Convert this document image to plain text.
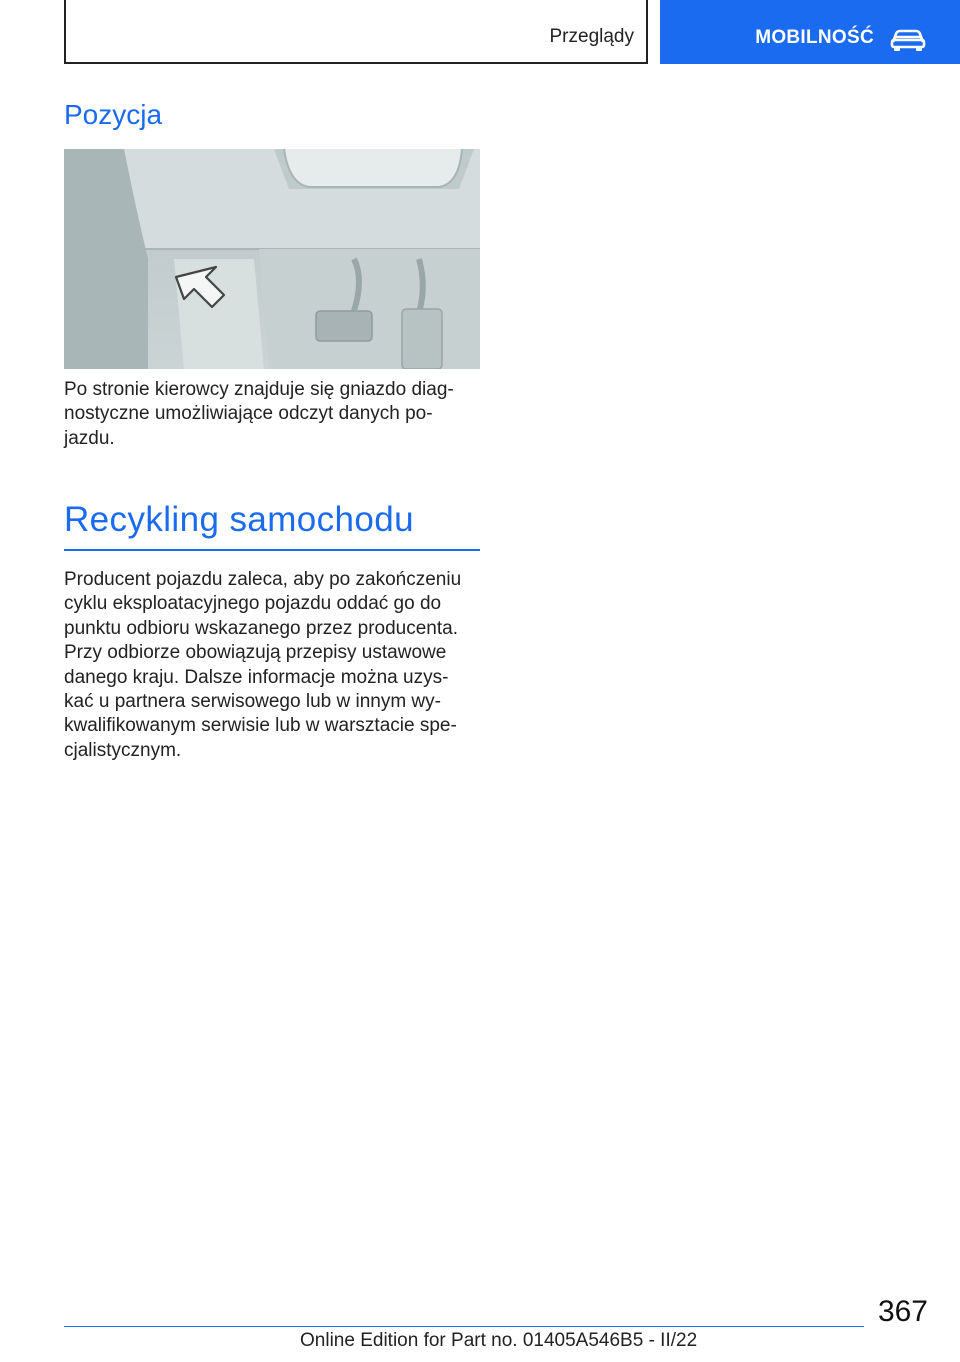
Przeglądy	MOBILNOŚĆ
Pozycja

Po stronie kierowcy znajduje się gniazdo diag‐
nostyczne umożliwiające odczyt danych po‐
jazdu.

Recykling samochodu

Producent pojazdu zaleca, aby po zakończeniu
cyklu eksploatacyjnego pojazdu oddać go do
punktu odbioru wskazanego przez producenta.
Przy odbiorze obowiązują przepisy ustawowe
danego kraju. Dalsze informacje można uzys‐
kać u partnera serwisowego lub w innym wy‐
kwalifikowanym serwisie lub w warsztacie spe‐
cjalistycznym.

367
Online Edition for Part no. 01405A546B5 - II/22
